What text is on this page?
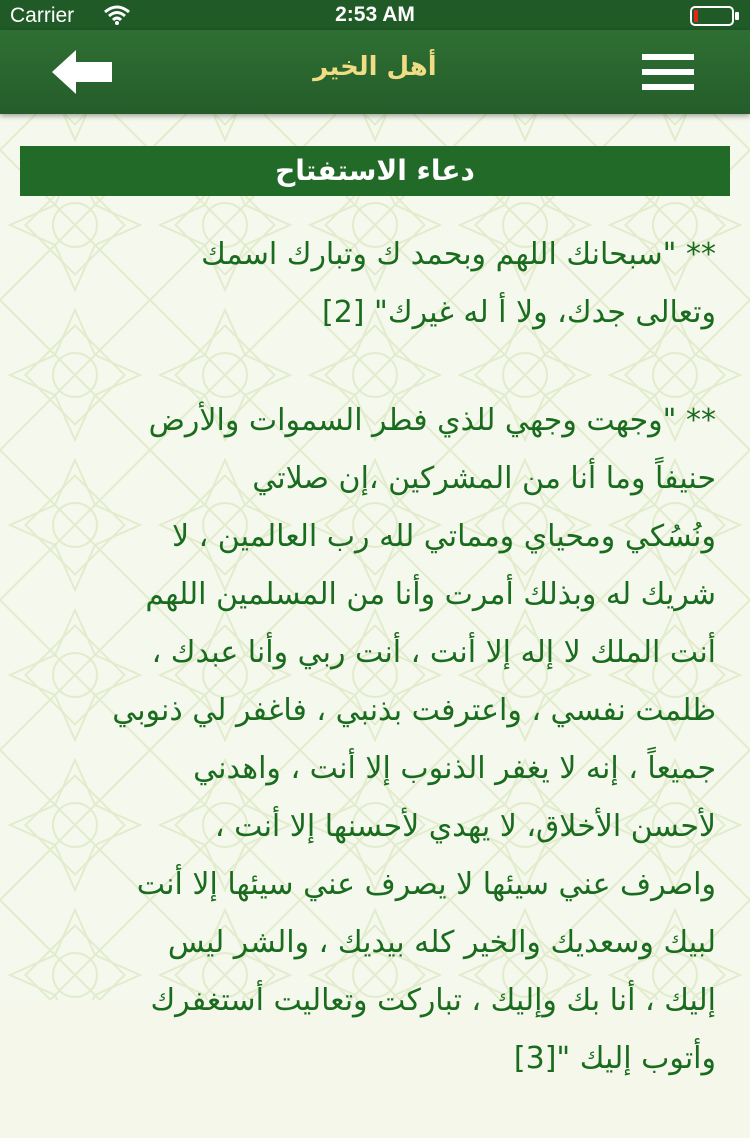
Carrier	2:53 AM
أهل الخير
دعاء الاستفتاح
** "سبحانك اللهم وبحمد ك وتبارك اسمك
وتعالى جدك، ولا أ له غيرك" [2]
** "وجهت وجهي للذي فطر السموات والأرض
حنيفاً وما أنا من المشركين ،إن صلاتي
ونُسُكي ومحياي ومماتي لله رب العالمين ، لا
شريك له وبذلك أمرت وأنا من المسلمين اللهم
أنت الملك لا إله إلا أنت ، أنت ربي وأنا عبدك ،
ظلمت نفسي ، واعترفت بذنبي ، فاغفر لي ذنوبي
جميعاً ، إنه لا يغفر الذنوب إلا أنت ، واهدني
لأحسن الأخلاق، لا يهدي لأحسنها إلا أنت ،
واصرف عني سيئها لا يصرف عني سيئها إلا أنت
لبيك وسعديك والخير كله بيديك ، والشر ليس
إليك ، أنا بك وإليك ، تباركت وتعاليت أستغفرك
وأتوب إليك "[3]
